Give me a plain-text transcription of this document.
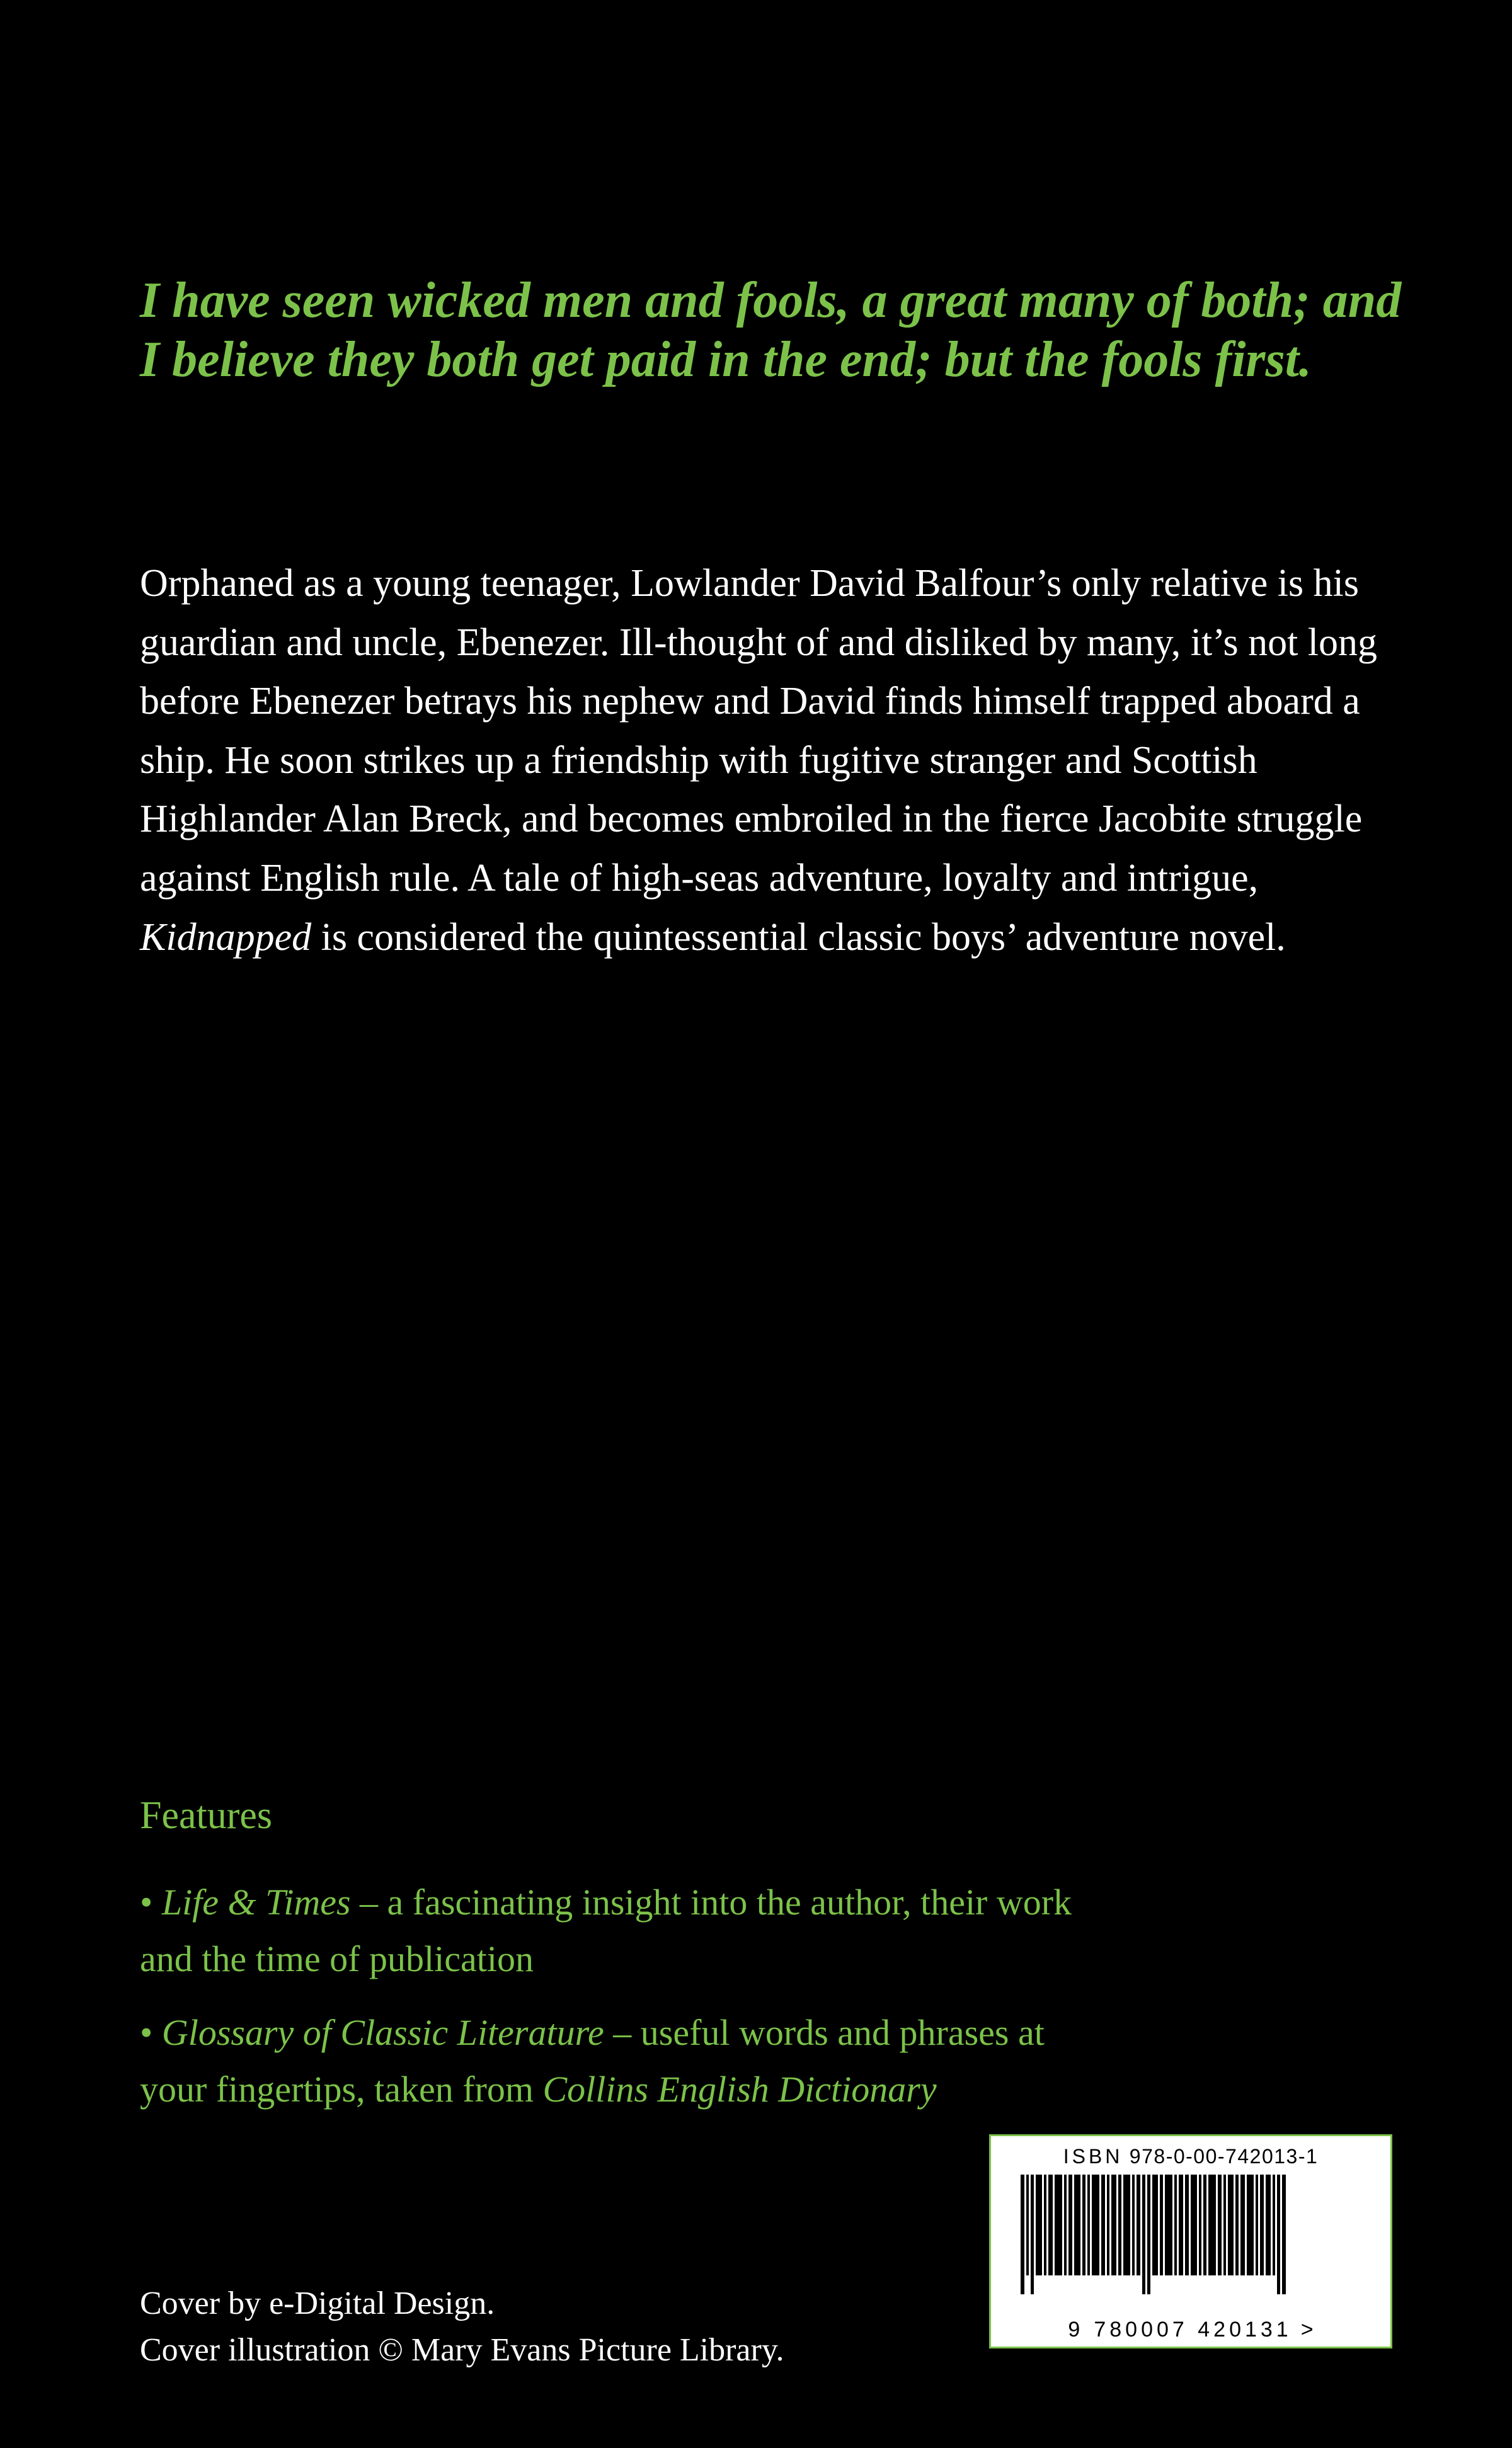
I have seen wicked men and fools, a great many of both; and I believe they both get paid in the end; but the fools first.
Orphaned as a young teenager, Lowlander David Balfour’s only relative is his guardian and uncle, Ebenezer. Ill-thought of and disliked by many, it’s not long before Ebenezer betrays his nephew and David finds himself trapped aboard a ship. He soon strikes up a friendship with fugitive stranger and Scottish Highlander Alan Breck, and becomes embroiled in the fierce Jacobite struggle against English rule. A tale of high-seas adventure, loyalty and intrigue, Kidnapped is considered the quintessential classic boys’ adventure novel.
Features
• Life & Times – a fascinating insight into the author, their work and the time of publication
• Glossary of Classic Literature – useful words and phrases at your fingertips, taken from Collins English Dictionary
Cover by e-Digital Design.
Cover illustration © Mary Evans Picture Library.
ISBN 978-0-00-742013-1
9 780007 420131 >
